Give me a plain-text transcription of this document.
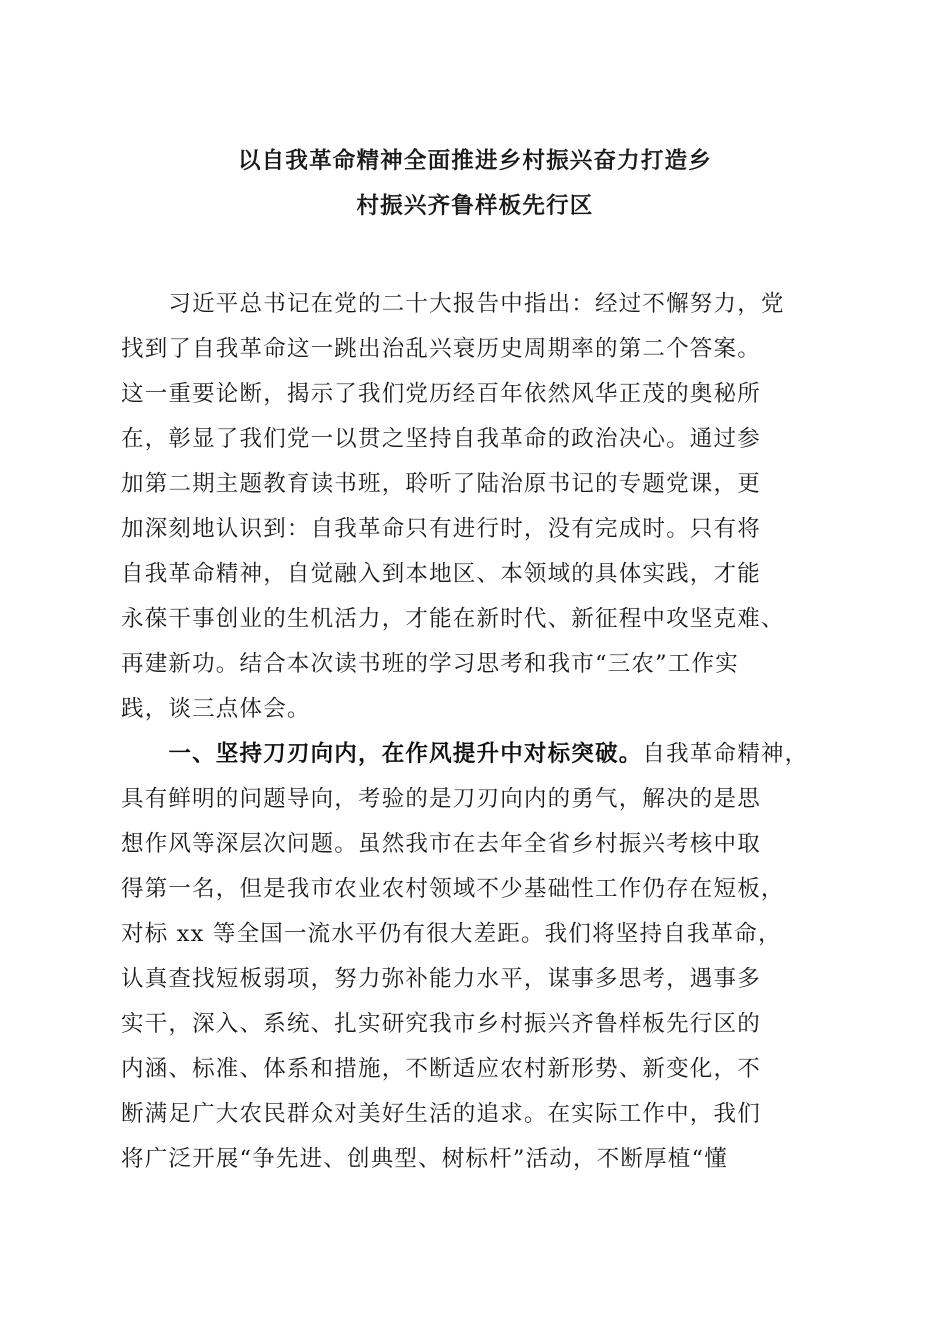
以自我革命精神全面推进乡村振兴奋力打造乡
村振兴齐鲁样板先行区
　　习近平总书记在党的二十大报告中指出：经过不懈努力，党
找到了自我革命这一跳出治乱兴衰历史周期率的第二个答案。
这一重要论断，揭示了我们党历经百年依然风华正茂的奥秘所
在，彰显了我们党一以贯之坚持自我革命的政治决心。通过参
加第二期主题教育读书班，聆听了陆治原书记的专题党课，更
加深刻地认识到：自我革命只有进行时，没有完成时。只有将
自我革命精神，自觉融入到本地区、本领域的具体实践，才能
永葆干事创业的生机活力，才能在新时代、新征程中攻坚克难、
再建新功。结合本次读书班的学习思考和我市“三农”工作实
践，谈三点体会。
　　一、坚持刀刃向内，在作风提升中对标突破。自我革命精神，
具有鲜明的问题导向，考验的是刀刃向内的勇气，解决的是思
想作风等深层次问题。虽然我市在去年全省乡村振兴考核中取
得第一名，但是我市农业农村领域不少基础性工作仍存在短板，
对标 xx 等全国一流水平仍有很大差距。我们将坚持自我革命，
认真查找短板弱项，努力弥补能力水平，谋事多思考，遇事多
实干，深入、系统、扎实研究我市乡村振兴齐鲁样板先行区的
内涵、标准、体系和措施，不断适应农村新形势、新变化，不
断满足广大农民群众对美好生活的追求。在实际工作中，我们
将广泛开展“争先进、创典型、树标杆”活动，不断厚植“懂
